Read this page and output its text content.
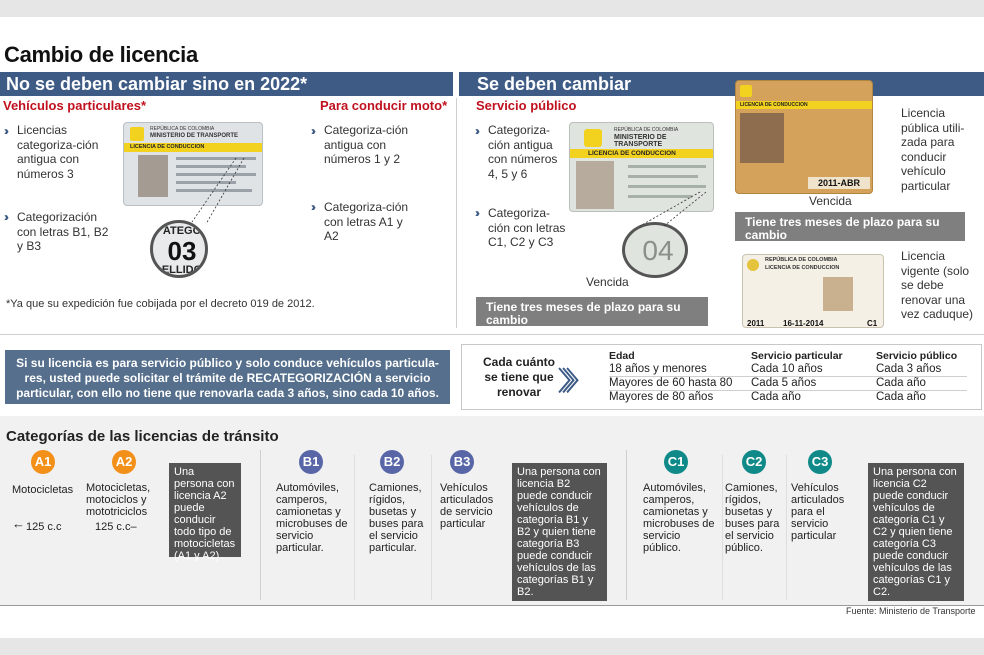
Cambio de licencia
No se deben cambiar sino en 2022*	Se deben cambiar
Vehículos particulares*
›› Licencias categoriza-ción antigua con números 3
›› Categorización con letras B1, B2 y B3
REPÚBLICA DE COLOMBIA
MINISTERIO DE TRANSPORTE
LICENCIA DE CONDUCCION
ATEGO
03
ELLIDO
Para conducir moto*
›› Categoriza-ción antigua con números 1 y 2
›› Categoriza-ción con letras A1 y A2
*Ya que su expedición fue cobijada por el decreto 019 de 2012.
Servicio público
›› Categoriza-ción antigua con números 4, 5 y 6
›› Categoriza-ción con letras C1, C2 y C3
REPÚBLICA DE COLOMBIA
MINISTERIO DE TRANSPORTE
LICENCIA DE CONDUCCION
04
Vencida
Tiene tres meses de plazo para su cambio
LICENCIA DE CONDUCCION
2011-ABR
Vencida
Licencia pública utili-zada para conducir vehículo particular
Tiene tres meses de plazo para su cambio
REPÚBLICA DE COLOMBIA
LICENCIA DE CONDUCCION
2011 16-11-2014	C1
Licencia vigente (solo se debe renovar una vez caduque)
Si su licencia es para servicio público y solo conduce vehículos particula-res, usted puede solicitar el trámite de RECATEGORIZACIÓN a servicio particular, con ello no tiene que renovarla cada 3 años, sino cada 10 años.
Cada cuánto se tiene que renovar 〉〉〉
Edad	Servicio particular	Servicio público
18 años y menores	Cada 10 años	Cada 3 años
Mayores de 60 hasta 80	Cada 5 años	Cada año
Mayores de 80 años	Cada año	Cada año
Categorías de las licencias de tránsito
A1
Motocicletas
← 125 c.c
A2
Motocicletas, motociclos y mototriciclos
125 c.c–
Una persona con licencia A2 puede conducir todo tipo de motocicletas (A1 y A2)
B1
Automóviles, camperos, camionetas y microbuses de servicio particular.
B2
Camiones, rígidos, busetas y buses para el servicio particular.
B3
Vehículos articulados de servicio particular
Una persona con licencia B2 puede conducir vehículos de categoría B1 y B2 y quien tiene categoría B3 puede conducir vehículos de las categorías B1 y B2.
C1
Automóviles, camperos, camionetas y microbuses de servicio público.
C2
Camiones, rígidos, busetas y buses para el servicio público.
C3
Vehículos articulados para el servicio particular
Una persona con licencia C2 puede conducir vehículos de categoría C1 y C2 y quien tiene categoría C3 puede conducir vehículos de las categorías C1 y C2.
Fuente: Ministerio de Transporte
